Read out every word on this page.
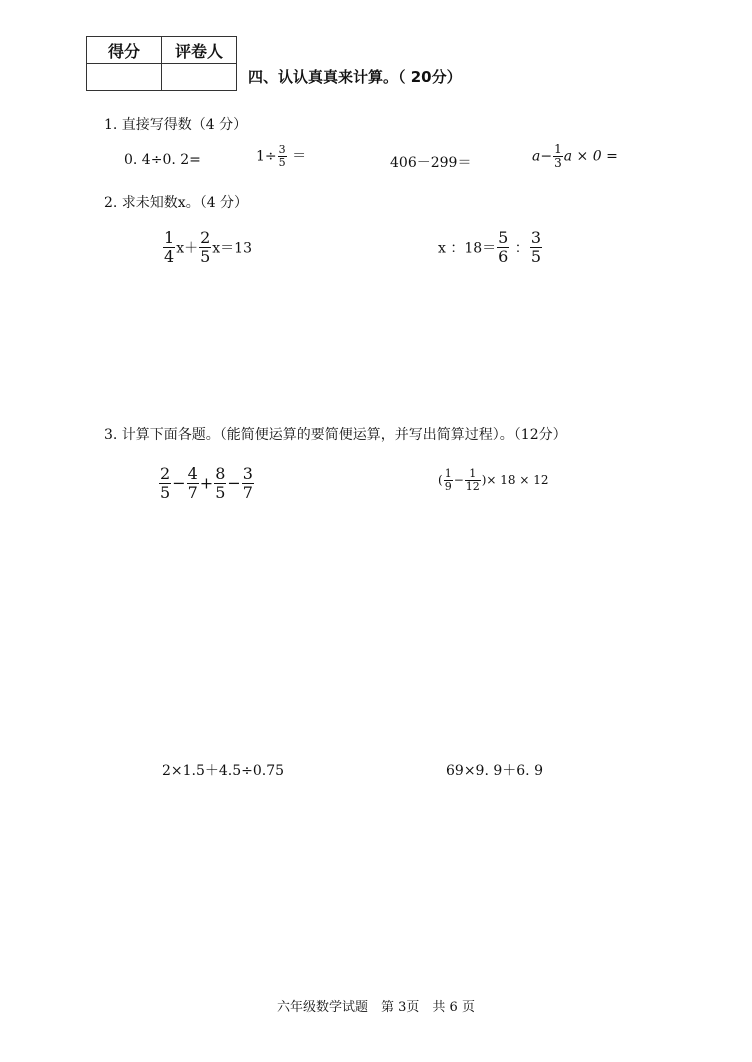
得分	评卷人

四、认认真真来计算。（ 20分）
1. 直接写得数（4 分）
0. 4÷0. 2=	$1\div \frac{3}{5}$ ＝	406－299＝	$a- \frac{1}{3}$ a × 0 =
2. 求未知数x。（4 分）
$\frac{1}{4} x+ \frac{2}{5} x=13$	x ：$18= \frac{5}{6}$ ： $\frac{3}{5}$
3. 计算下面各题。（能简便运算的要简便运算，并写出简算过程）。（12分）
$\frac{2}{5} - \frac{4}{7} + \frac{8}{5} - \frac{3}{7}$	( $\frac{1}{9} - \frac{1}{12}$ )× 18 × 12
2×1.5＋4.5÷0.75	69×9. 9＋6. 9
六年级数学试题　第 3页　共 6 页
